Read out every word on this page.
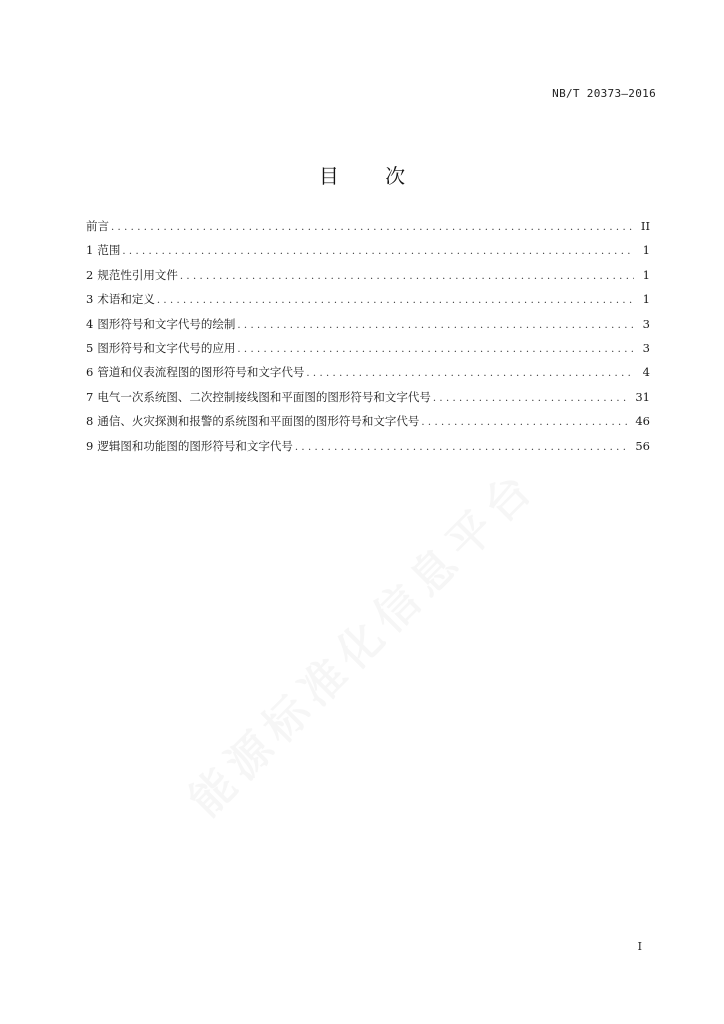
NB/T 20373—2016
目 次
前言 . . .	II
1 范围 . . .	1
2 规范性引用文件 . . .	1
3 术语和定义 . . .	1
4 图形符号和文字代号的绘制 . . .	3
5 图形符号和文字代号的应用 . . .	3
6 管道和仪表流程图的图形符号和文字代号 . . .	4
7 电气一次系统图、二次控制接线图和平面图的图形符号和文字代号 . . .	31
8 通信、火灾探测和报警的系统图和平面图的图形符号和文字代号 . . .	46
9 逻辑图和功能图的图形符号和文字代号 . . .	56
I
